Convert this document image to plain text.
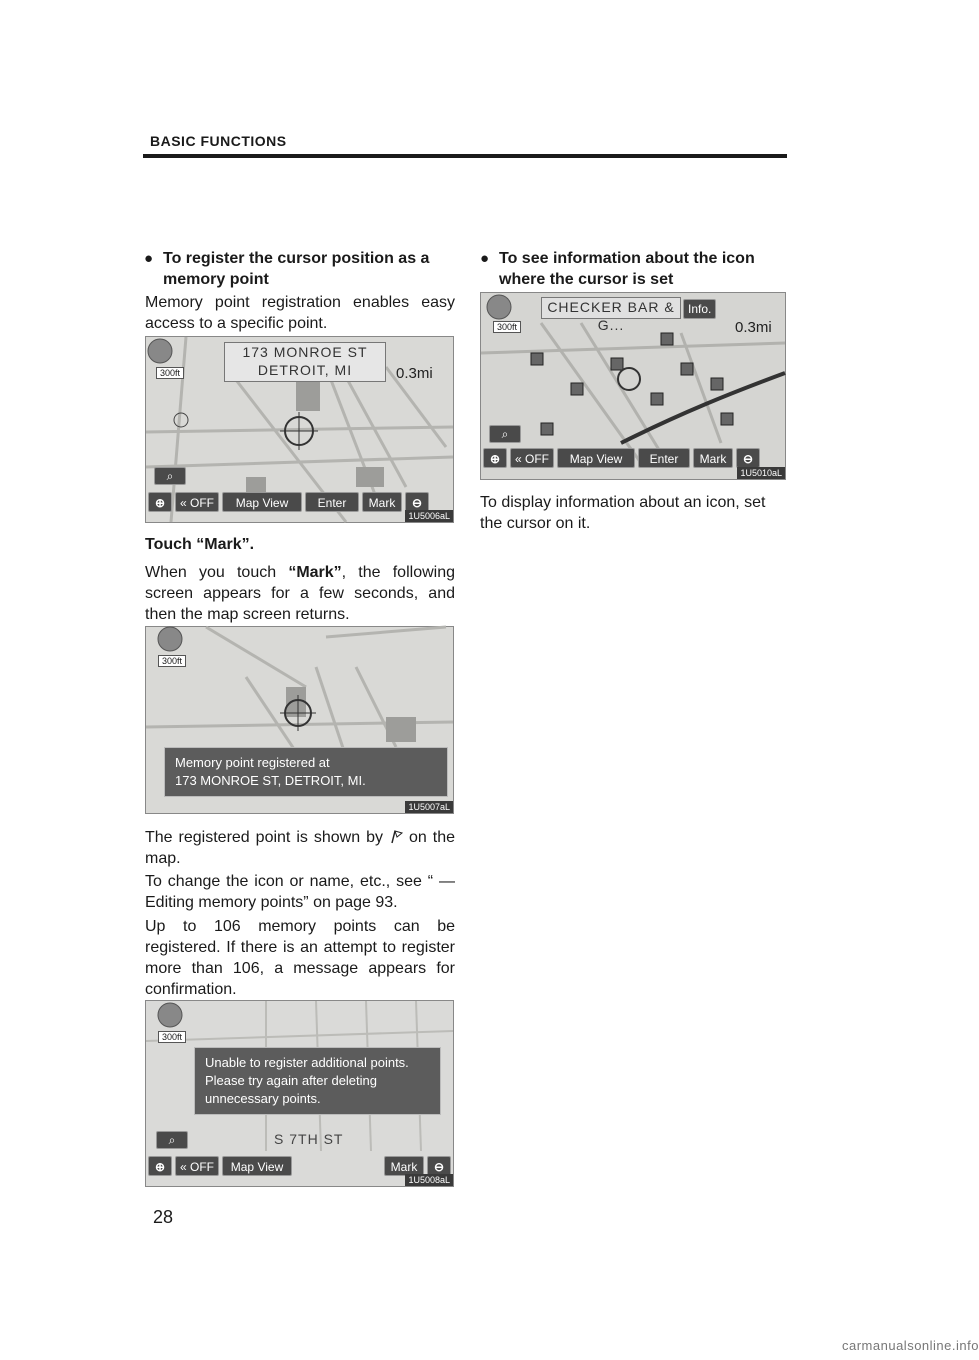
BASIC FUNCTIONS
● To register the cursor position as a
memory point
Memory point registration enables easy access to a specific point.
173 MONROE ST
DETROIT, MI	0.3mi
300ft
⌕
⊕	« OFF	Map View	Enter	Mark	⊖
1U5006aL
Touch “Mark”.
When you touch “Mark”, the following screen appears for a few seconds, and then the map screen returns.
300ft
Memory point registered at
173 MONROE ST, DETROIT, MI.
1U5007aL
The registered point is shown by on the map.
To change the icon or name, etc., see “ — Editing memory points” on page 93.
Up to 106 memory points can be registered. If there is an attempt to register more than 106, a message appears for confirmation.
300ft
Unable to register additional points.
Please try again after deleting
unnecessary points.
⌕	S 7TH ST
⊕	« OFF	Map View	Mark	⊖
1U5008aL
● To see information about the icon
where the cursor is set
CHECKER BAR & G...
Info.
0.3mi
300ft
⌕
⊕	« OFF	Map View	Enter	Mark	⊖
1U5010aL
To display information about an icon, set the cursor on it.
28
carmanualsonline.info
